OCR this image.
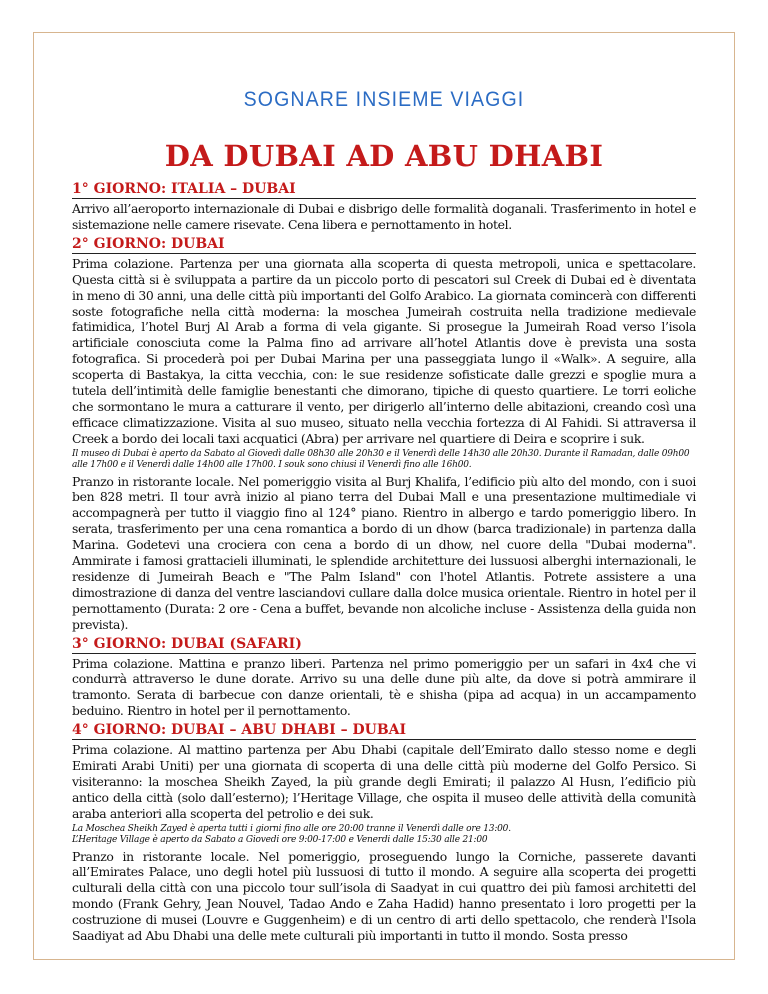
SOGNARE INSIEME VIAGGI
DA DUBAI AD ABU DHABI
1° GIORNO: ITALIA – DUBAI
Arrivo all’aeroporto internazionale di Dubai e disbrigo delle formalità doganali. Trasferimento in hotel e sistemazione nelle camere risevate. Cena libera e pernottamento in hotel.
2° GIORNO: DUBAI
Prima colazione. Partenza per una giornata alla scoperta di questa metropoli, unica e spettacolare. Questa città si è sviluppata a partire da un piccolo porto di pescatori sul Creek di Dubai ed è diventata in meno di 30 anni, una delle città più importanti del Golfo Arabico. La giornata comincerà con differenti soste fotografiche nella città moderna: la moschea Jumeirah costruita nella tradizione medievale fatimidica, l’hotel Burj Al Arab a forma di vela gigante. Si prosegue la Jumeirah Road verso l’isola artificiale conosciuta come la Palma fino ad arrivare all’hotel Atlantis dove è prevista una sosta fotografica. Si procederà poi per Dubai Marina per una passeggiata lungo il «Walk». A seguire, alla scoperta di Bastakya, la citta vecchia, con: le sue residenze sofisticate dalle grezzi e spoglie mura a tutela dell’intimità delle famiglie benestanti che dimorano, tipiche di questo quartiere. Le torri eoliche che sormontano le mura a catturare il vento, per dirigerlo all’interno delle abitazioni, creando così una efficace climatizzazione. Visita al suo museo, situato nella vecchia fortezza di Al Fahidi. Si attraversa il Creek a bordo dei locali taxi acquatici (Abra) per arrivare nel quartiere di Deira e scoprire i suk.
Il museo di Dubai è aperto da Sabato al Giovedì dalle 08h30 alle 20h30 e il Venerdì delle 14h30 alle 20h30. Durante il Ramadan, dalle 09h00 alle 17h00 e il Venerdì dalle 14h00 alle 17h00. I souk sono chiusi il Venerdì fino alle 16h00.
Pranzo in ristorante locale. Nel pomeriggio visita al Burj Khalifa, l’edificio più alto del mondo, con i suoi ben 828 metri. Il tour avrà inizio al piano terra del Dubai Mall e una presentazione multimediale vi accompagnerà per tutto il viaggio fino al 124° piano. Rientro in albergo e tardo pomeriggio libero. In serata, trasferimento per una cena romantica a bordo di un dhow (barca tradizionale) in partenza dalla Marina. Godetevi una crociera con cena a bordo di un dhow, nel cuore della "Dubai moderna". Ammirate i famosi grattacieli illuminati, le splendide architetture dei lussuosi alberghi internazionali, le residenze di Jumeirah Beach e "The Palm Island" con l'hotel Atlantis. Potrete assistere a una dimostrazione di danza del ventre lasciandovi cullare dalla dolce musica orientale. Rientro in hotel per il pernottamento (Durata: 2 ore - Cena a buffet, bevande non alcoliche incluse - Assistenza della guida non prevista).
3° GIORNO: DUBAI (SAFARI)
Prima colazione. Mattina e pranzo liberi. Partenza nel primo pomeriggio per un safari in 4x4 che vi condurrà attraverso le dune dorate. Arrivo su una delle dune più alte, da dove si potrà ammirare il tramonto. Serata di barbecue con danze orientali, tè e shisha (pipa ad acqua) in un accampamento beduino. Rientro in hotel per il pernottamento.
4° GIORNO: DUBAI – ABU DHABI – DUBAI
Prima colazione. Al mattino partenza per Abu Dhabi (capitale dell’Emirato dallo stesso nome e degli Emirati Arabi Uniti) per una giornata di scoperta di una delle città più moderne del Golfo Persico. Si visiteranno: la moschea Sheikh Zayed, la più grande degli Emirati; il palazzo Al Husn, l’edificio più antico della città (solo dall’esterno); l’Heritage Village, che ospita il museo delle attività della comunità araba anteriori alla scoperta del petrolio e dei suk.
La Moschea Sheikh Zayed è aperta tutti i giorni fino alle ore 20:00 tranne il Venerdì dalle ore 13:00.
L’Heritage Village è aperto da Sabato a Giovedi ore 9:00-17:00 e Venerdi dalle 15:30 alle 21:00
Pranzo in ristorante locale. Nel pomeriggio, proseguendo lungo la Corniche, passerete davanti all’Emirates Palace, uno degli hotel più lussuosi di tutto il mondo. A seguire alla scoperta dei progetti culturali della città con una piccolo tour sull’isola di Saadyat in cui quattro dei più famosi architetti del mondo (Frank Gehry, Jean Nouvel, Tadao Ando e Zaha Hadid) hanno presentato i loro progetti per la costruzione di musei (Louvre e Guggenheim) e di un centro di arti dello spettacolo, che renderà l'Isola Saadiyat ad Abu Dhabi una delle mete culturali più importanti in tutto il mondo. Sosta presso
